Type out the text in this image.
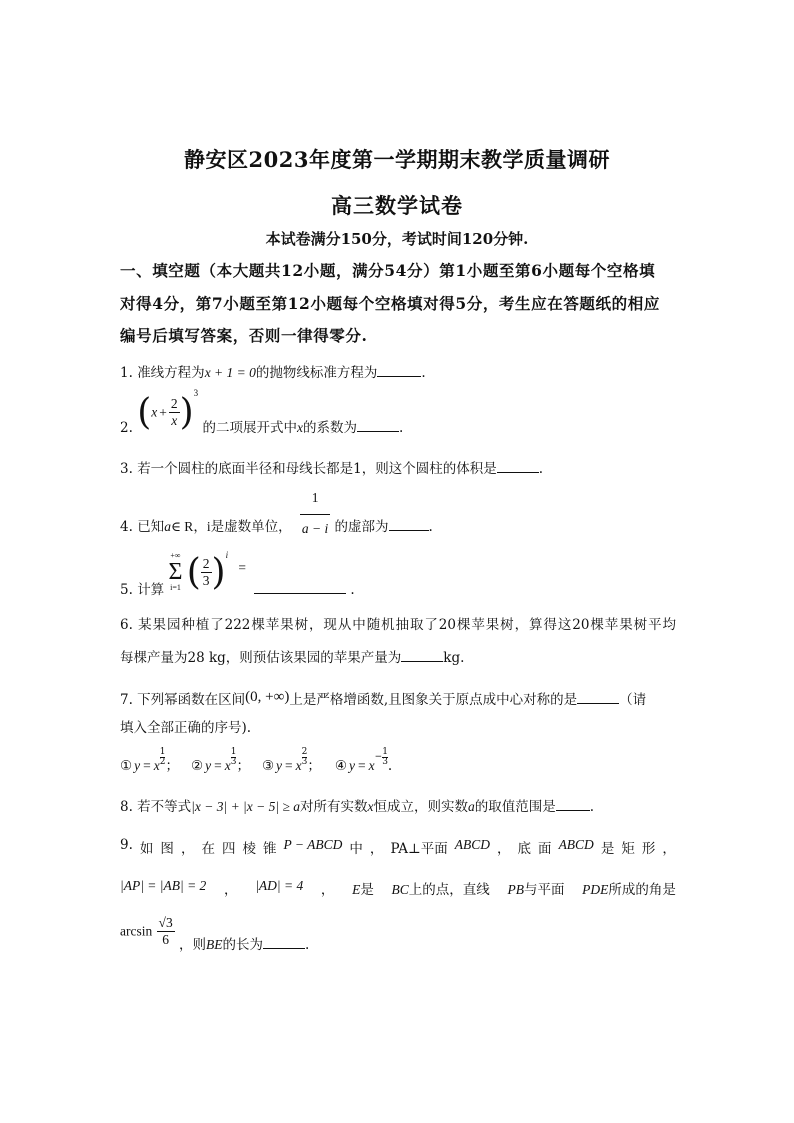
静安区2023年度第一学期期末教学质量调研
高三数学试卷
本试卷满分150分，考试时间120分钟.
一、填空题（本大题共12小题，满分54分）第1小题至第6小题每个空格填
对得4分，第7小题至第12小题每个空格填对得5分，考生应在答题纸的相应
编号后填写答案，否则一律得零分.
1. 准线方程为x + 1 = 0的抛物线标准方程为	.
2. $(x + \frac{2}{x} )^3$ 的二项展开式中x的系数为	.
3. 若一个圆柱的底面半径和母线长都是1，则这个圆柱的体积是	.
4. 已知a∈ R，i是虚数单位， $\frac{1}{a - i}$ 的虚部为	.
5. 计算
+∞
Σ
i=1 ( $\frac{2}{3} )^i$ = .
6. 某果园种植了222棵苹果树，现从中随机抽取了20棵苹果树，算得这20棵苹果树平均
每棵产量为28 kg，则预估该果园的苹果产量为	kg.
7. 下列幂函数在区间(0, +∞)上是严格增函数,且图象关于原点成中心对称的是	（请
填入全部正确的序号).
① y = x $\frac{1}{2}$ ； ② y = x $\frac{1}{3}$ ； ③ y = x $\frac{2}{3}$ ； ④ $y = x- \frac{1}{3}$ .
8. 若不等式|x − 3| + |x − 5| ≥ a对所有实数x恒成立，则实数a的取值范围是	.
9. 如 图 ， 在 四 棱 锥 P − ABCD 中 ， PA⊥平面 ABCD ， 底 面 ABCD 是 矩 形 ，
|AP| = |AB| = 2 ， |AD| = 4 ， E是 BC上的点，直线 PB与平面 PDE所成的角是
$\arcsin \frac{√3}{6}$ ，则BE的长为	.
